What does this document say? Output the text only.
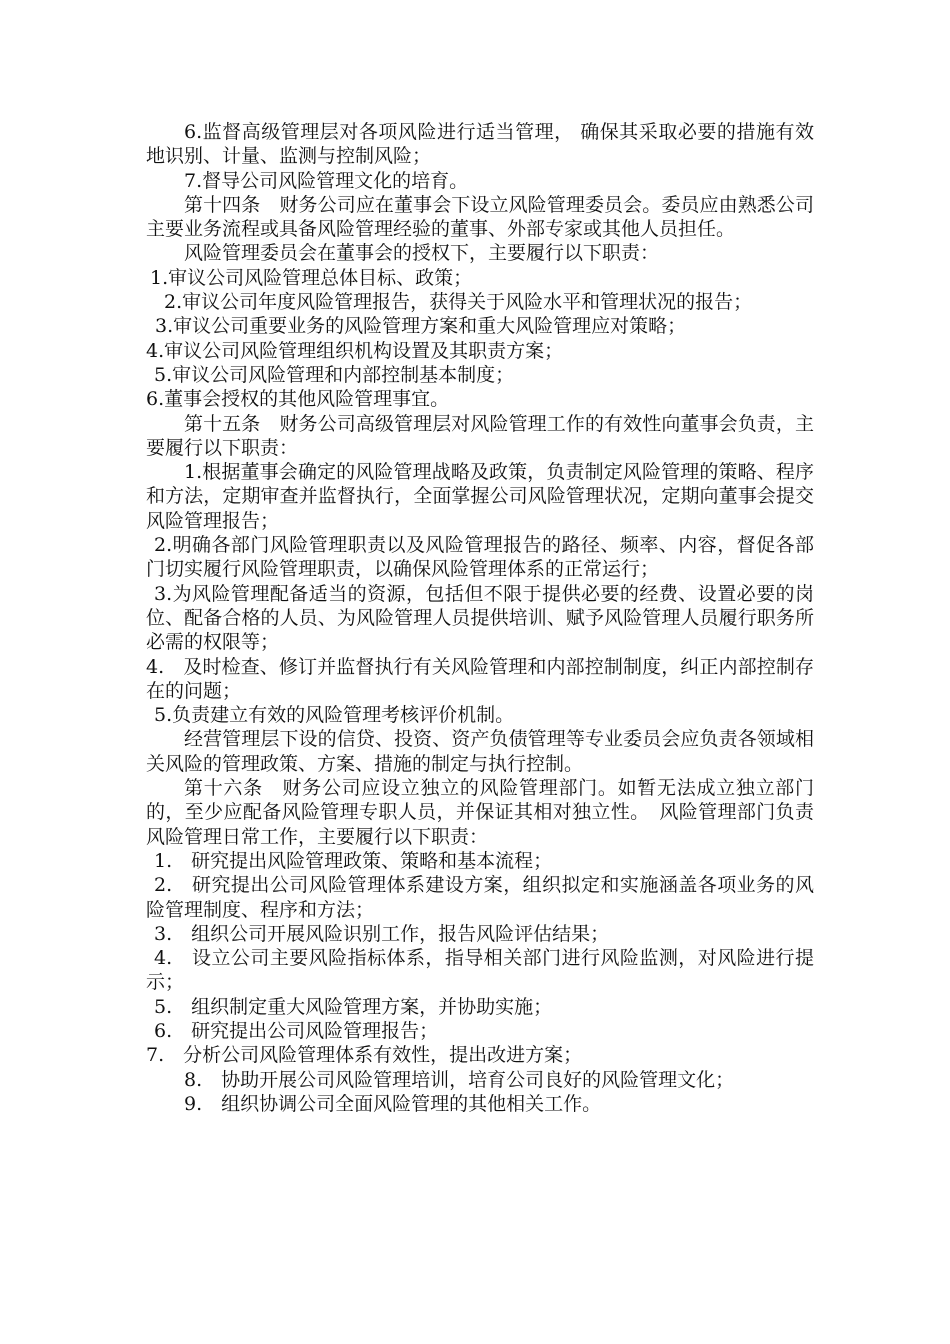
6.监督高级管理层对各项风险进行适当管理， 确保其采取必要的措施有效地识别、计量、监测与控制风险；

7.督导公司风险管理文化的培育。

第十四条　财务公司应在董事会下设立风险管理委员会。委员应由熟悉公司主要业务流程或具备风险管理经验的董事、外部专家或其他人员担任。

风险管理委员会在董事会的授权下，主要履行以下职责：

1.审议公司风险管理总体目标、政策；

2.审议公司年度风险管理报告，获得关于风险水平和管理状况的报告；

3.审议公司重要业务的风险管理方案和重大风险管理应对策略；

4.审议公司风险管理组织机构设置及其职责方案；

5.审议公司风险管理和内部控制基本制度；

6.董事会授权的其他风险管理事宜。

第十五条　财务公司高级管理层对风险管理工作的有效性向董事会负责，主要履行以下职责：

1.根据董事会确定的风险管理战略及政策，负责制定风险管理的策略、程序和方法，定期审查并监督执行，全面掌握公司风险管理状况，定期向董事会提交风险管理报告；

2.明确各部门风险管理职责以及风险管理报告的路径、频率、内容，督促各部门切实履行风险管理职责，以确保风险管理体系的正常运行；

3.为风险管理配备适当的资源，包括但不限于提供必要的经费、设置必要的岗位、配备合格的人员、为风险管理人员提供培训、赋予风险管理人员履行职务所必需的权限等；

4.　及时检查、修订并监督执行有关风险管理和内部控制制度，纠正内部控制存在的问题；

5.负责建立有效的风险管理考核评价机制。

经营管理层下设的信贷、投资、资产负债管理等专业委员会应负责各领域相关风险的管理政策、方案、措施的制定与执行控制。

第十六条　财务公司应设立独立的风险管理部门。如暂无法成立独立部门的，至少应配备风险管理专职人员，并保证其相对独立性。　风险管理部门负责风险管理日常工作，主要履行以下职责：

1.　研究提出风险管理政策、策略和基本流程；

2.　研究提出公司风险管理体系建设方案，组织拟定和实施涵盖各项业务的风险管理制度、程序和方法；

3.　组织公司开展风险识别工作，报告风险评估结果；

4.　设立公司主要风险指标体系，指导相关部门进行风险监测，对风险进行提示；

5.　组织制定重大风险管理方案，并协助实施；

6.　研究提出公司风险管理报告；

7.　分析公司风险管理体系有效性，提出改进方案；

8.　协助开展公司风险管理培训，培育公司良好的风险管理文化；

9.　组织协调公司全面风险管理的其他相关工作。
